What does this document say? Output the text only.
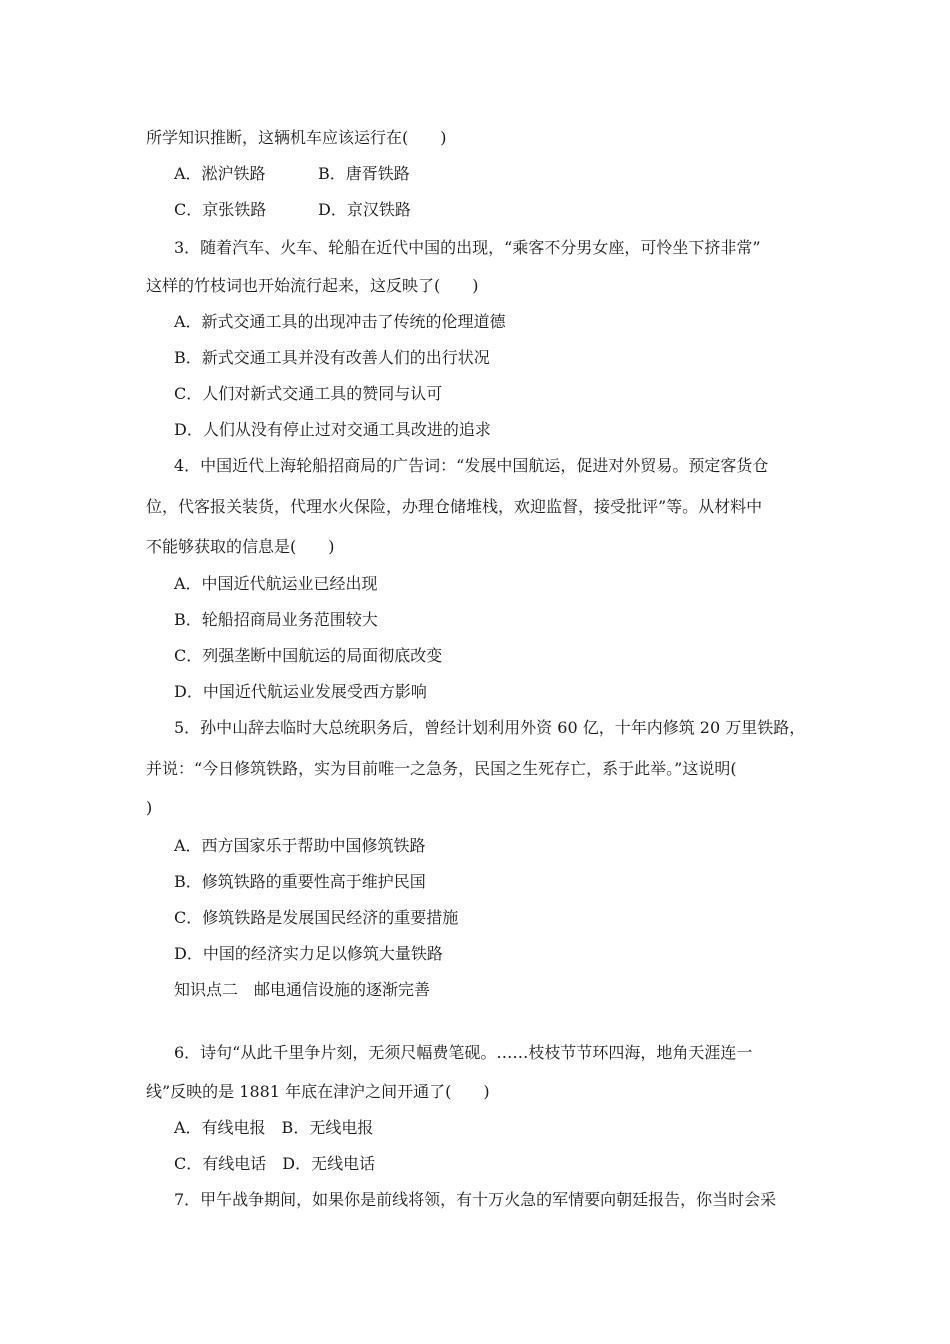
所学知识推断，这辆机车应该运行在(　　)
A．淞沪铁路	B．唐胥铁路
C．京张铁路	D．京汉铁路
3．随着汽车、火车、轮船在近代中国的出现，“乘客不分男女座，可怜坐下挤非常”
这样的竹枝词也开始流行起来，这反映了(　　)
A．新式交通工具的出现冲击了传统的伦理道德
B．新式交通工具并没有改善人们的出行状况
C．人们对新式交通工具的赞同与认可
D．人们从没有停止过对交通工具改进的追求
4．中国近代上海轮船招商局的广告词：“发展中国航运，促进对外贸易。预定客货仓
位，代客报关装货，代理水火保险，办理仓储堆栈，欢迎监督，接受批评”等。从材料中
不能够获取的信息是(　　)
A．中国近代航运业已经出现
B．轮船招商局业务范围较大
C．列强垄断中国航运的局面彻底改变
D．中国近代航运业发展受西方影响
5．孙中山辞去临时大总统职务后，曾经计划利用外资 60 亿，十年内修筑 20 万里铁路，
并说：“今日修筑铁路，实为目前唯一之急务，民国之生死存亡，系于此举。”这说明(
)
A．西方国家乐于帮助中国修筑铁路
B．修筑铁路的重要性高于维护民国
C．修筑铁路是发展国民经济的重要措施
D．中国的经济实力足以修筑大量铁路
知识点二　邮电通信设施的逐渐完善
6．诗句“从此千里争片刻，无须尺幅费笔砚。……枝枝节节环四海，地角天涯连一
线”反映的是 1881 年底在津沪之间开通了(　　)
A．有线电报　B．无线电报
C．有线电话　D．无线电话
7．甲午战争期间，如果你是前线将领，有十万火急的军情要向朝廷报告，你当时会采
